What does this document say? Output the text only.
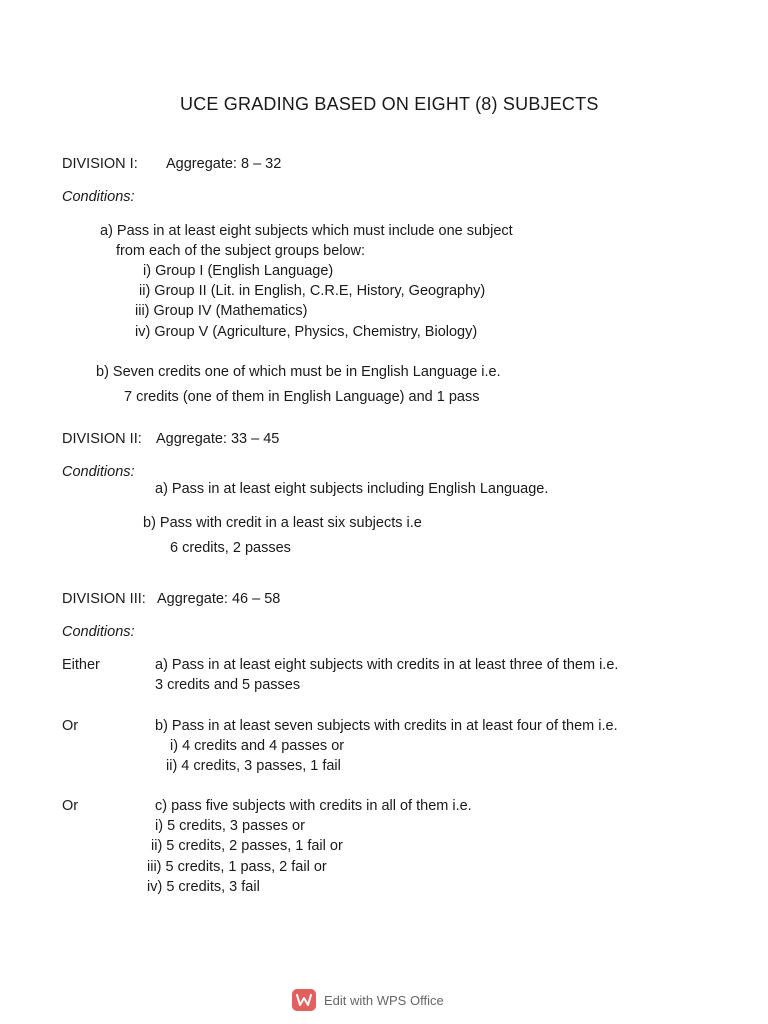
UCE GRADING BASED ON EIGHT (8) SUBJECTS
DIVISION I: Aggregate: 8 – 32
Conditions:
a) Pass in at least eight subjects which must include one subject
from each of the subject groups below:
i) Group I (English Language)
ii) Group II (Lit. in English, C.R.E, History, Geography)
iii) Group IV (Mathematics)
iv) Group V (Agriculture, Physics, Chemistry, Biology)
b) Seven credits one of which must be in English Language i.e.
7 credits (one of them in English Language) and 1 pass
DIVISION II: Aggregate: 33 – 45
Conditions:
a) Pass in at least eight subjects including English Language.
b) Pass with credit in a least six subjects i.e
6 credits, 2 passes
DIVISION III: Aggregate: 46 – 58
Conditions:
Either	a) Pass in at least eight subjects with credits in at least three of them i.e.
3 credits and 5 passes
Or	b) Pass in at least seven subjects with credits in at least four of them i.e.
i) 4 credits and 4 passes or
ii) 4 credits, 3 passes, 1 fail
Or	c) pass five subjects with credits in all of them i.e.
i) 5 credits, 3 passes or
ii) 5 credits, 2 passes, 1 fail or
iii) 5 credits, 1 pass, 2 fail or
iv) 5 credits, 3 fail
Edit with WPS Office
